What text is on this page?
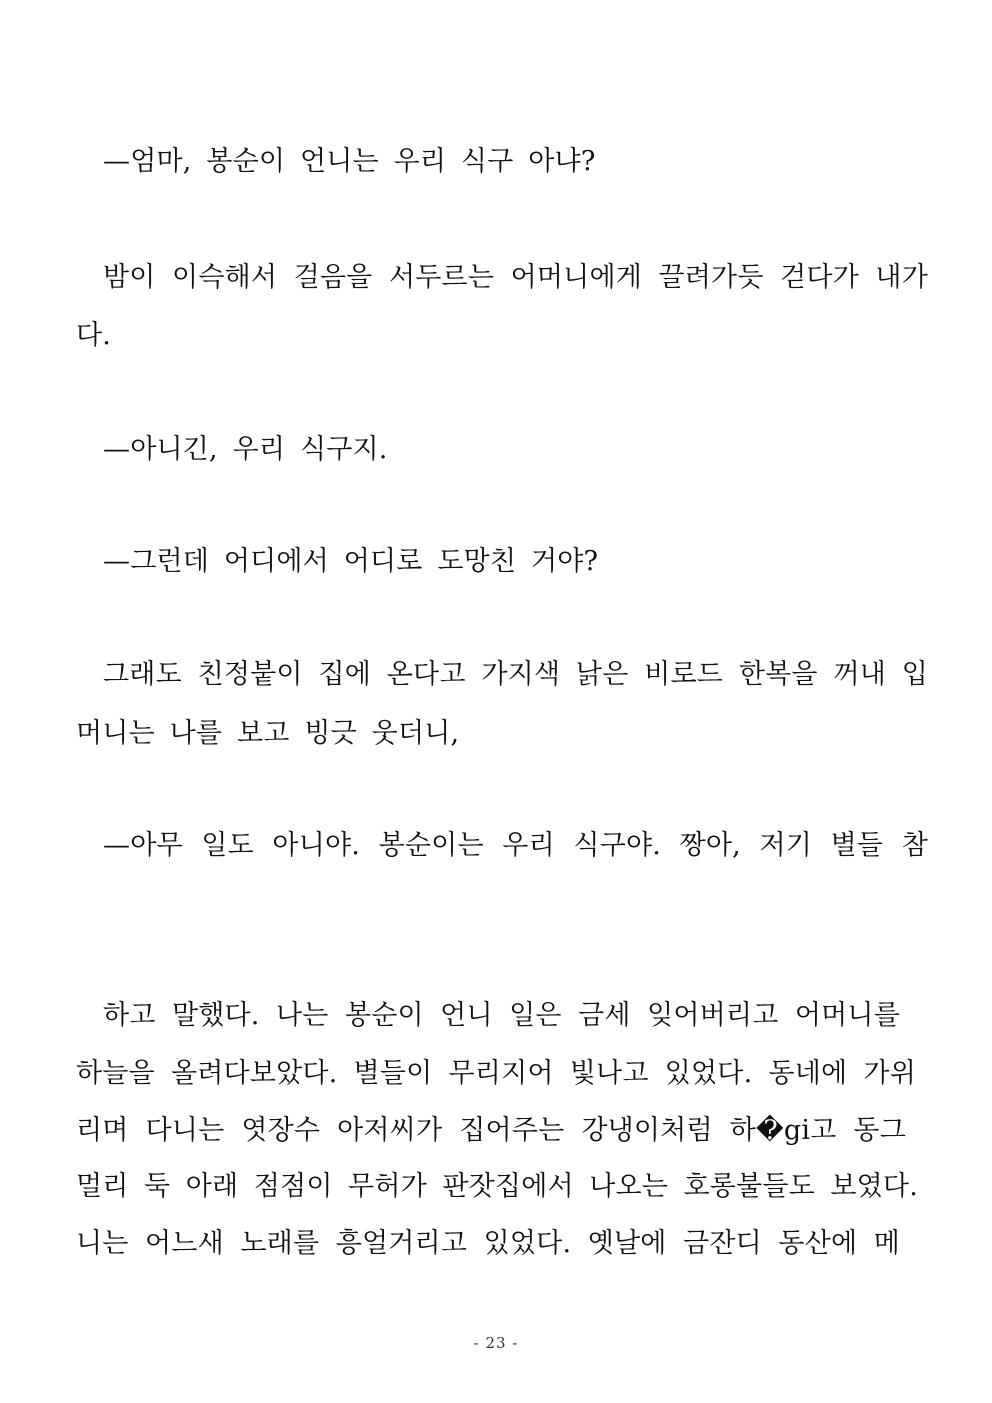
—엄마, 봉순이 언니는 우리 식구 아냐?
밤이 이슥해서 걸음을 서두르는 어머니에게 끌려가듯 걷다가 내가
다.
—아니긴, 우리 식구지.
—그런데 어디에서 어디로 도망친 거야?
그래도 친정붙이 집에 온다고 가지색 낡은 비로드 한복을 꺼내 입
머니는 나를 보고 빙긋 웃더니,
—아무 일도 아니야. 봉순이는 우리 식구야. 짱아, 저기 별들 참
하고 말했다. 나는 봉순이 언니 일은 금세 잊어버리고 어머니를
하늘을 올려다보았다. 별들이 무리지어 빛나고 있었다. 동네에 가위
리며 다니는 엿장수 아저씨가 집어주는 강냉이처럼 하�gi고 동그
멀리 둑 아래 점점이 무허가 판잣집에서 나오는 호롱불들도 보였다.
니는 어느새 노래를 흥얼거리고 있었다. 옛날에 금잔디 동산에 메
- 23 -
